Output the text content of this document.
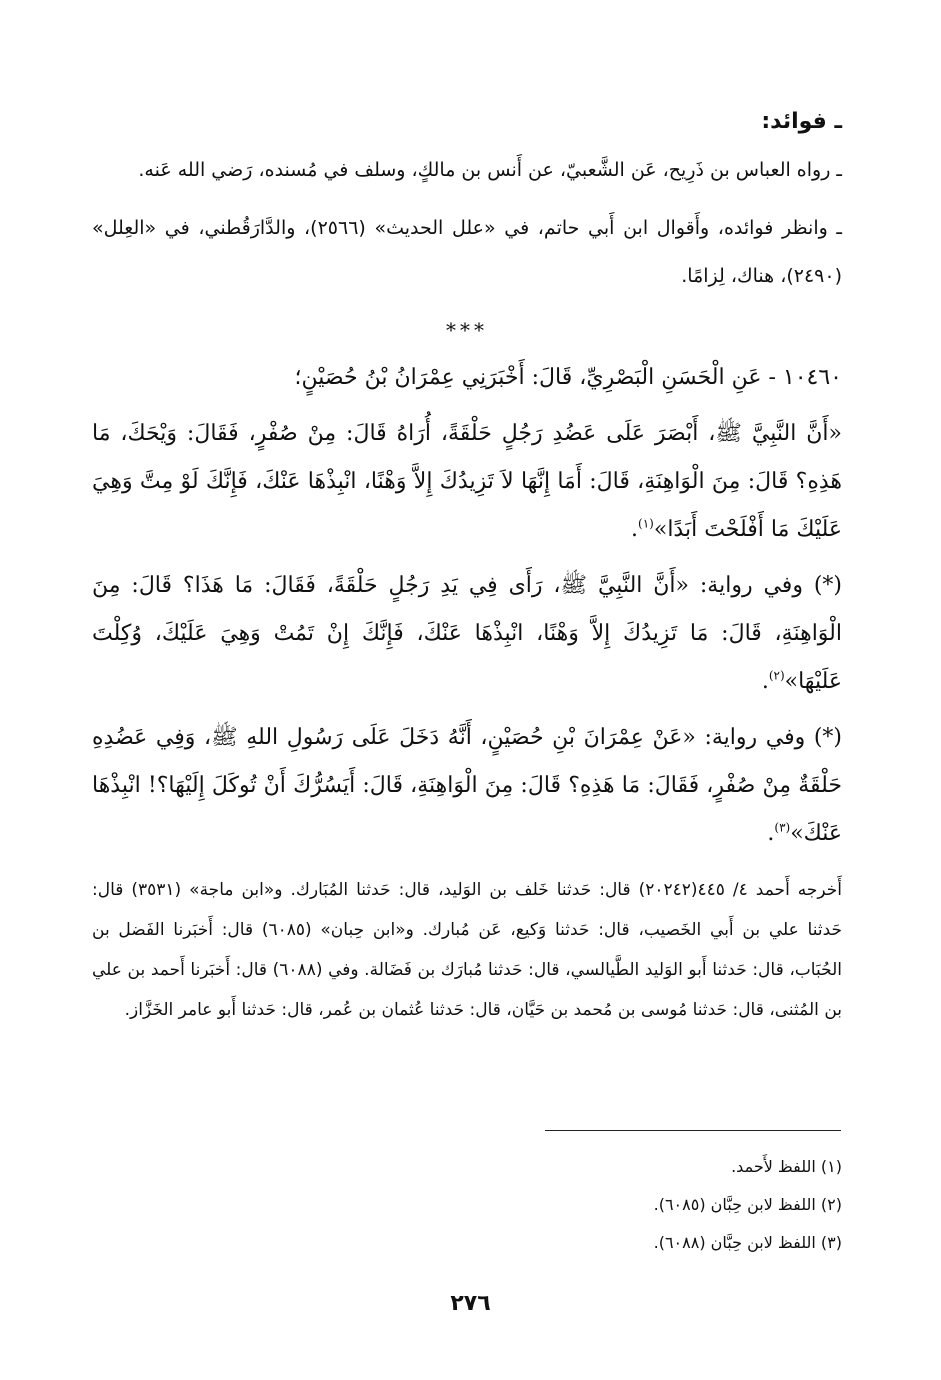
ـ فوائد:

ـ رواه العباس بن ذَرِيح، عَن الشَّعبيّ، عن أَنس بن مالكٍ، وسلف في مُسنده، رَضي الله عَنه.

ـ وانظر فوائده، وأَقوال ابن أَبي حاتم، في «علل الحديث» (٢٥٦٦)، والدَّارَقُطني، في «العِلل» (٢٤٩٠)، هناك، لِزامًا.

***

١٠٤٦٠ - عَنِ الْحَسَنِ الْبَصْرِيِّ، قَالَ: أَخْبَرَنِي عِمْرَانُ بْنُ حُصَيْنٍ؛

«أَنَّ النَّبِيَّ ﷺ، أَبْصَرَ عَلَى عَضُدِ رَجُلٍ حَلْقَةً، أُرَاهُ قَالَ: مِنْ صُفْرٍ، فَقَالَ: وَيْحَكَ، مَا هَذِهِ؟ قَالَ: مِنَ الْوَاهِنَةِ، قَالَ: أَمَا إِنَّهَا لاَ تَزِيدُكَ إِلاَّ وَهْنًا، انْبِذْهَا عَنْكَ، فَإِنَّكَ لَوْ مِتَّ وَهِيَ عَلَيْكَ مَا أَفْلَحْتَ أَبَدًا»$^{(١)}$.

(*) وفي رواية: «أَنَّ النَّبِيَّ ﷺ، رَأَى فِي يَدِ رَجُلٍ حَلْقَةً، فَقَالَ: مَا هَذَا؟ قَالَ: مِنَ الْوَاهِنَةِ، قَالَ: مَا تَزِيدُكَ إِلاَّ وَهْنًا، انْبِذْهَا عَنْكَ، فَإِنَّكَ إِنْ تَمُتْ وَهِيَ عَلَيْكَ، وُكِلْتَ عَلَيْهَا»$^{(٢)}$.

(*) وفي رواية: «عَنْ عِمْرَانَ بْنِ حُصَيْنٍ، أَنَّهُ دَخَلَ عَلَى رَسُولِ اللهِ ﷺ، وَفِي عَضُدِهِ حَلْقَةٌ مِنْ صُفْرٍ، فَقَالَ: مَا هَذِهِ؟ قَالَ: مِنَ الْوَاهِنَةِ، قَالَ: أَيَسُرُّكَ أَنْ تُوكَلَ إِلَيْهَا؟! انْبِذْهَا عَنْكَ»$^{(٣)}$.

أَخرجه أَحمد ٤/ ٤٤٥(٢٠٢٤٢) قال: حَدثنا خَلف بن الوَليد، قال: حَدثنا المُبَارك. و«ابن ماجة» (٣٥٣١) قال: حَدثنا علي بن أَبي الخَصيب، قال: حَدثنا وَكيع، عَن مُبارك. و«ابن حِبان» (٦٠٨٥) قال: أَخبَرنا الفَضل بن الحُبَاب، قال: حَدثنا أَبو الوَليد الطَّيالسي، قال: حَدثنا مُبارَك بن فَضَالة. وفي (٦٠٨٨) قال: أَخبَرنا أَحمد بن علي بن المُثنى، قال: حَدثنا مُوسى بن مُحمد بن حَيَّان، قال: حَدثنا عُثمان بن عُمر، قال: حَدثنا أَبو عامر الخَزَّاز.

(١) اللفظ لأَحمد.

(٢) اللفظ لابن حِبَّان (٦٠٨٥).

(٣) اللفظ لابن حِبَّان (٦٠٨٨).

٢٧٦
